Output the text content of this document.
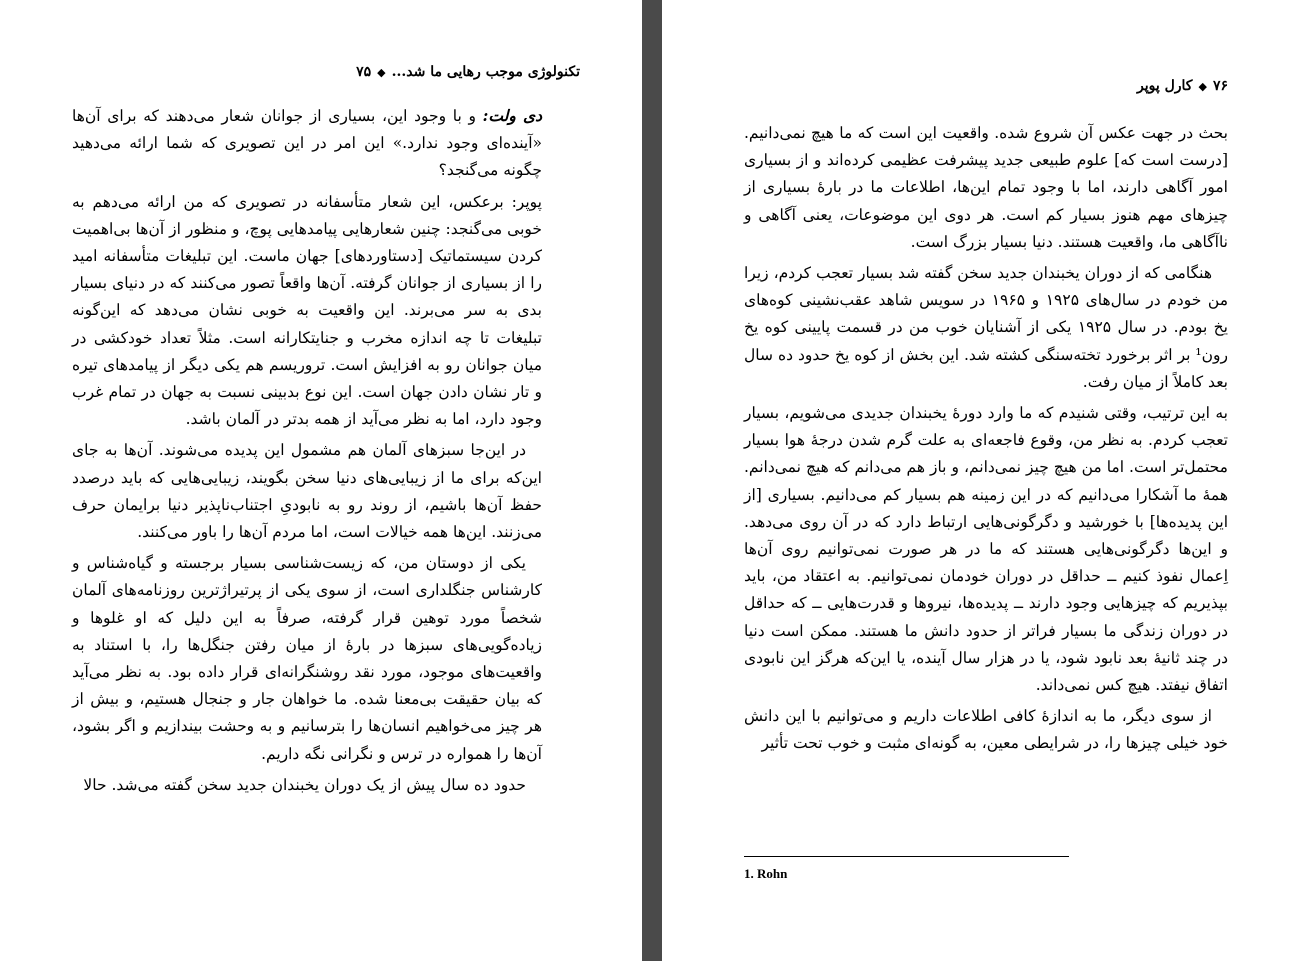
تکنولوژی موجب رهایی ما شد...
◆
۷۵

دی ولت: و با وجود این، بسیاری از جوانان شعار می‌دهند که برای آن‌ها «آینده‌ای وجود ندارد.» این امر در این تصویری که شما ارائه می‌دهید چگونه می‌گنجد؟

پوپر: برعکس، این شعار متأسفانه در تصویری که من ارائه می‌دهم به خوبی می‌گنجد: چنین شعارهایی پیامدهایی پوچ، و منظور از آن‌ها بی‌اهمیت کردن سیستماتیک [دستاوردهای] جهان ماست. این تبلیغات متأسفانه امید را از بسیاری از جوانان گرفته. آن‌ها واقعاً تصور می‌کنند که در دنیای بسیار بدی به سر می‌برند. این واقعیت به خوبی نشان می‌دهد که این‌گونه تبلیغات تا چه اندازه مخرب و جنایتکارانه است. مثلاً تعداد خودکشی در میان جوانان رو به افزایش است. تروریسم هم یکی دیگر از پیامدهای تیره و تار نشان دادن جهان است. این نوع بدبینی نسبت به جهان در تمام غرب وجود دارد، اما به نظر می‌آید از همه بدتر در آلمان باشد.

در این‌جا سبزهای آلمان هم مشمول این پدیده می‌شوند. آن‌ها به جای این‌که برای ما از زیبایی‌های دنیا سخن بگویند، زیبایی‌هایی که باید درصدد حفظ آن‌ها باشیم، از روند رو به نابودیِ اجتناب‌ناپذیر دنیا برایمان حرف می‌زنند. این‌ها همه خیالات است، اما مردم آن‌ها را باور می‌کنند.

یکی از دوستان من، که زیست‌شناسی بسیار برجسته و گیاه‌شناس و کارشناس جنگلداری است، از سوی یکی از پرتیراژترین روزنامه‌های آلمان شخصاً مورد توهین قرار گرفته، صرفاً به این دلیل که او غلوها و زیاده‌گویی‌های سبزها در بارهٔ از میان رفتن جنگل‌ها را، با استناد به واقعیت‌های موجود، مورد نقد روشنگرانه‌ای قرار داده بود. به نظر می‌آید که بیان حقیقت بی‌معنا شده. ما خواهان جار و جنجال هستیم، و بیش از هر چیز می‌خواهیم انسان‌ها را بترسانیم و به وحشت بیندازیم و اگر بشود، آن‌ها را همواره در ترس و نگرانی نگه داریم.

حدود ده سال پیش از یک دوران یخبندان جدید سخن گفته می‌شد. حالا

۷۶
◆
کارل پوپر

بحث در جهت عکس آن شروع شده. واقعیت این است که ما هیچ نمی‌دانیم. [درست است که] علوم طبیعی جدید پیشرفت عظیمی کرده‌اند و از بسیاری امور آگاهی دارند، اما با وجود تمام این‌ها، اطلاعات ما در بارهٔ بسیاری از چیزهای مهم هنوز بسیار کم است. هر دوی این موضوعات، یعنی آگاهی و ناآگاهی ما، واقعیت هستند. دنیا بسیار بزرگ است.

هنگامی که از دوران یخبندان جدید سخن گفته شد بسیار تعجب کردم، زیرا من خودم در سال‌های ۱۹۲۵ و ۱۹۶۵ در سویس شاهد عقب‌نشینی کوه‌های یخ بودم. در سال ۱۹۲۵ یکی از آشنایان خوب من در قسمت پایینی کوه یخ رون¹ بر اثر برخورد تخته‌سنگی کشته شد. این بخش از کوه یخ حدود ده سال بعد کاملاً از میان رفت.

به این ترتیب، وقتی شنیدم که ما وارد دورهٔ یخبندان جدیدی می‌شویم، بسیار تعجب کردم. به نظر من، وقوع فاجعه‌ای به علت گرم شدن درجهٔ هوا بسیار محتمل‌تر است. اما من هیچ چیز نمی‌دانم، و باز هم می‌دانم که هیچ نمی‌دانم. همهٔ ما آشکارا می‌دانیم که در این زمینه هم بسیار کم می‌دانیم. بسیاری [از این پدیده‌ها] با خورشید و دگرگونی‌هایی ارتباط دارد که در آن روی می‌دهد. و این‌ها دگرگونی‌هایی هستند که ما در هر صورت نمی‌توانیم روی آن‌ها اِعمال نفوذ کنیم ــ حداقل در دوران خودمان نمی‌توانیم. به اعتقاد من، باید بپذیریم که چیزهایی وجود دارند ــ پدیده‌ها، نیروها و قدرت‌هایی ــ که حداقل در دوران زندگی ما بسیار فراتر از حدود دانش ما هستند. ممکن است دنیا در چند ثانیهٔ بعد نابود شود، یا در هزار سال آینده، یا این‌که هرگز این نابودی اتفاق نیفتد. هیچ کس نمی‌داند.

از سوی دیگر، ما به اندازهٔ کافی اطلاعات داریم و می‌توانیم با این دانش خود خیلی چیزها را، در شرایطی معین، به گونه‌ای مثبت و خوب تحت تأثیر

1. Rohn
